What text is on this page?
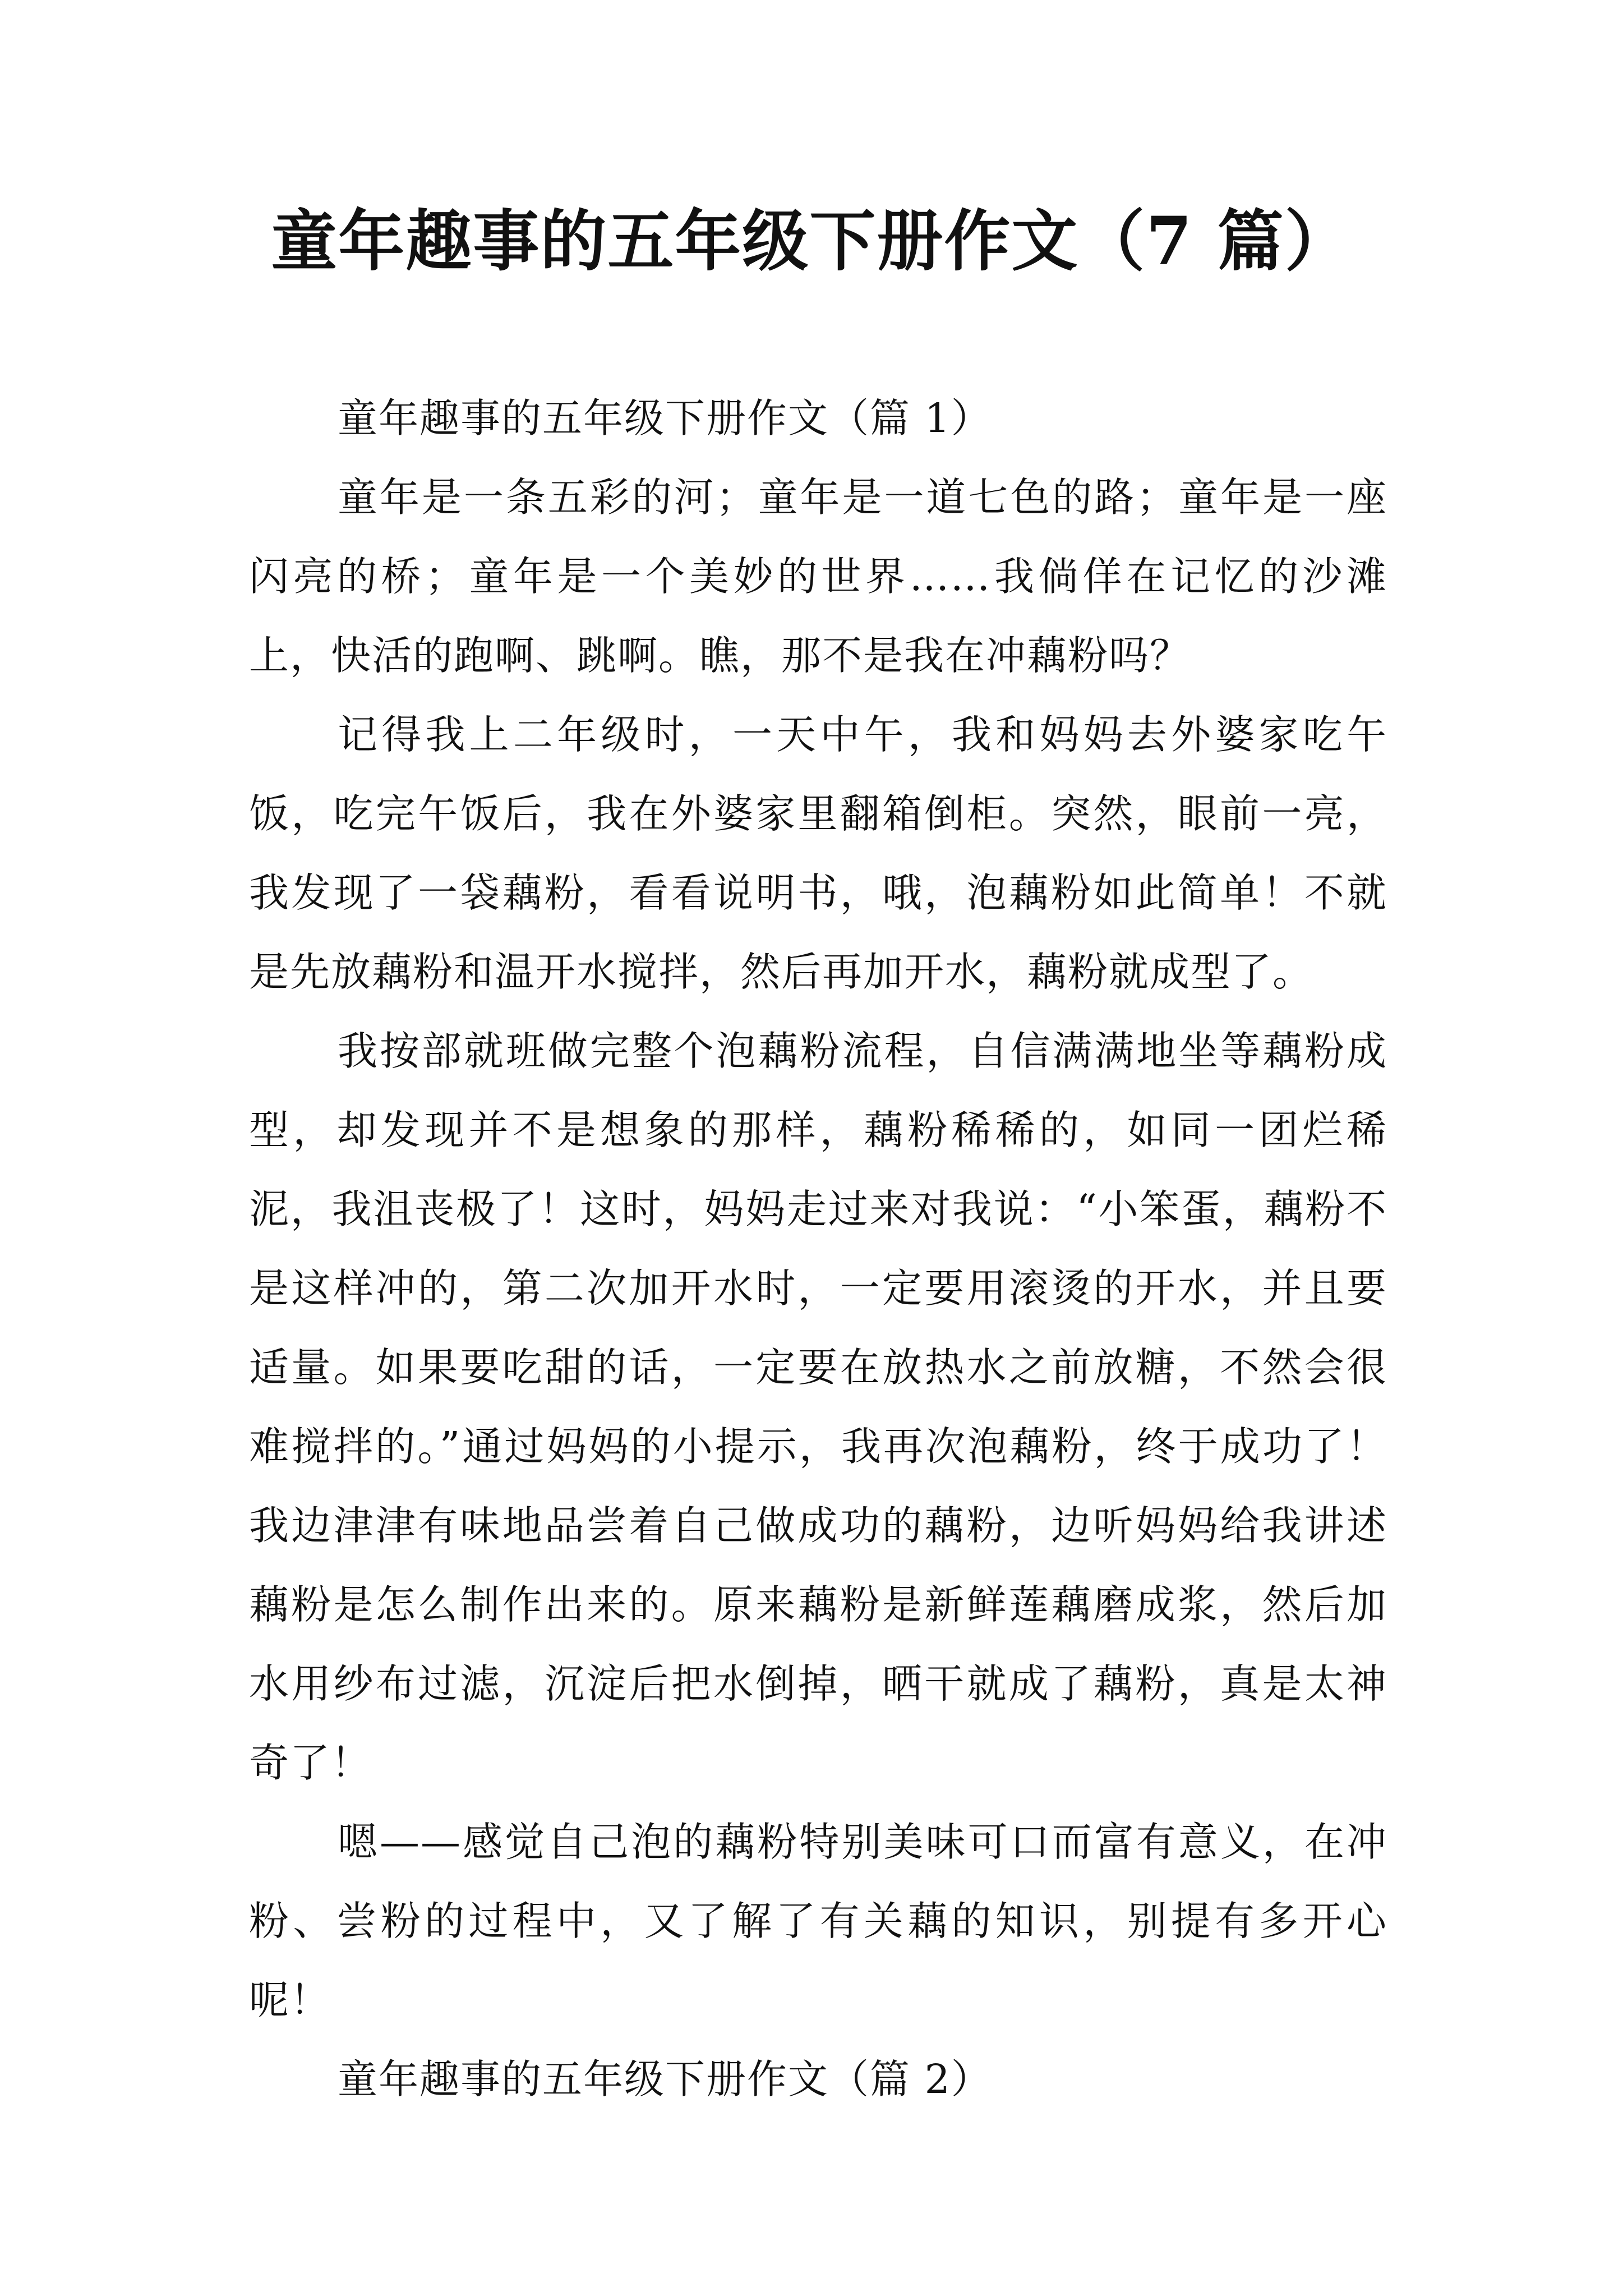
童年趣事的五年级下册作文（7 篇）

童年趣事的五年级下册作文（篇 1）

童年是一条五彩的河；童年是一道七色的路；童年是一座闪亮的桥；童年是一个美妙的世界……我倘佯在记忆的沙滩上，快活的跑啊、跳啊。瞧，那不是我在冲藕粉吗？

记得我上二年级时，一天中午，我和妈妈去外婆家吃午饭，吃完午饭后，我在外婆家里翻箱倒柜。突然，眼前一亮，我发现了一袋藕粉，看看说明书，哦，泡藕粉如此简单！不就是先放藕粉和温开水搅拌，然后再加开水，藕粉就成型了。

我按部就班做完整个泡藕粉流程，自信满满地坐等藕粉成型，却发现并不是想象的那样，藕粉稀稀的，如同一团烂稀泥，我沮丧极了！这时，妈妈走过来对我说：“小笨蛋，藕粉不是这样冲的，第二次加开水时，一定要用滚烫的开水，并且要适量。如果要吃甜的话，一定要在放热水之前放糖，不然会很难搅拌的。”通过妈妈的小提示，我再次泡藕粉，终于成功了！我边津津有味地品尝着自己做成功的藕粉，边听妈妈给我讲述藕粉是怎么制作出来的。原来藕粉是新鲜莲藕磨成浆，然后加水用纱布过滤，沉淀后把水倒掉，晒干就成了藕粉，真是太神奇了！

嗯——感觉自己泡的藕粉特别美味可口而富有意义，在冲粉、尝粉的过程中，又了解了有关藕的知识，别提有多开心呢！

童年趣事的五年级下册作文（篇 2）
